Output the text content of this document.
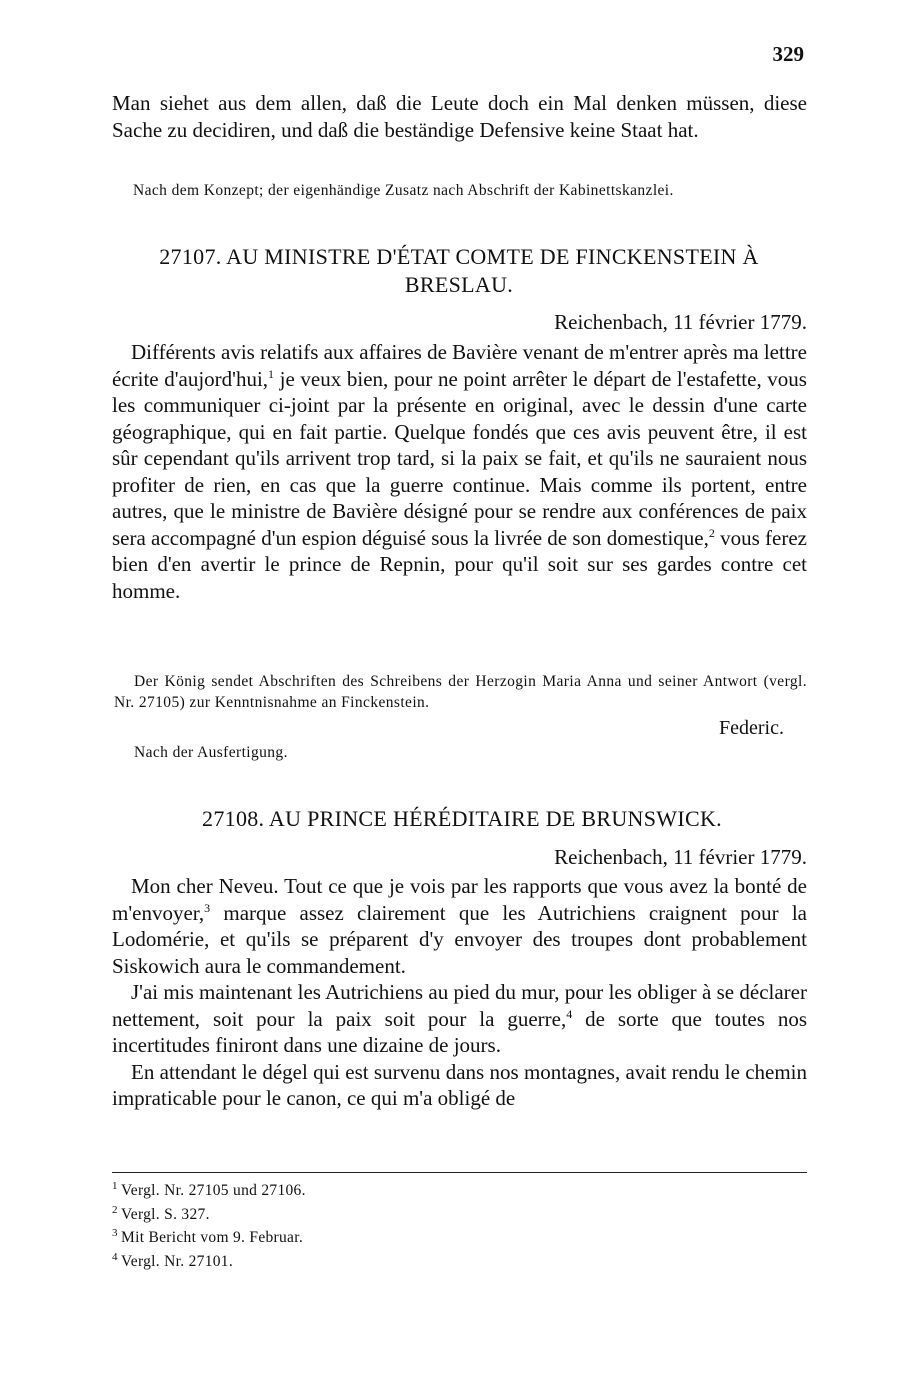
329

Man siehet aus dem allen, daß die Leute doch ein Mal denken müssen, diese Sache zu decidiren, und daß die beständige Defensive keine Staat hat.

Nach dem Konzept; der eigenhändige Zusatz nach Abschrift der Kabinettskanzlei.
27107. AU MINISTRE D'ÉTAT COMTE DE FINCKENSTEIN À BRESLAU.
Reichenbach, 11 février 1779.

Différents avis relatifs aux affaires de Bavière venant de m'entrer après ma lettre écrite d'aujord'hui,$^1$ je veux bien, pour ne point arrêter le départ de l'estafette, vous les communiquer ci-joint par la présente en original, avec le dessin d'une carte géographique, qui en fait partie. Quelque fondés que ces avis peuvent être, il est sûr cependant qu'ils arrivent trop tard, si la paix se fait, et qu'ils ne sauraient nous profiter de rien, en cas que la guerre continue. Mais comme ils portent, entre autres, que le ministre de Bavière désigné pour se rendre aux conférences de paix sera accompagné d'un espion déguisé sous la livrée de son domestique,$^2$ vous ferez bien d'en avertir le prince de Repnin, pour qu'il soit sur ses gardes contre cet homme.

Der König sendet Abschriften des Schreibens der Herzogin Maria Anna und seiner Antwort (vergl. Nr. 27105) zur Kenntnisnahme an Finckenstein.
Federic.
Nach der Ausfertigung.
27108. AU PRINCE HÉRÉDITAIRE DE BRUNSWICK.
Reichenbach, 11 février 1779.

Mon cher Neveu. Tout ce que je vois par les rapports que vous avez la bonté de m'envoyer,$^3$ marque assez clairement que les Autrichiens craignent pour la Lodomérie, et qu'ils se préparent d'y envoyer des troupes dont probablement Siskowich aura le commandement.

J'ai mis maintenant les Autrichiens au pied du mur, pour les obliger à se déclarer nettement, soit pour la paix soit pour la guerre,$^4$ de sorte que toutes nos incertitudes finiront dans une dizaine de jours.

En attendant le dégel qui est survenu dans nos montagnes, avait rendu le chemin impraticable pour le canon, ce qui m'a obligé de

1 Vergl. Nr. 27105 und 27106.
2 Vergl. S. 327.
3 Mit Bericht vom 9. Februar.
4 Vergl. Nr. 27101.
